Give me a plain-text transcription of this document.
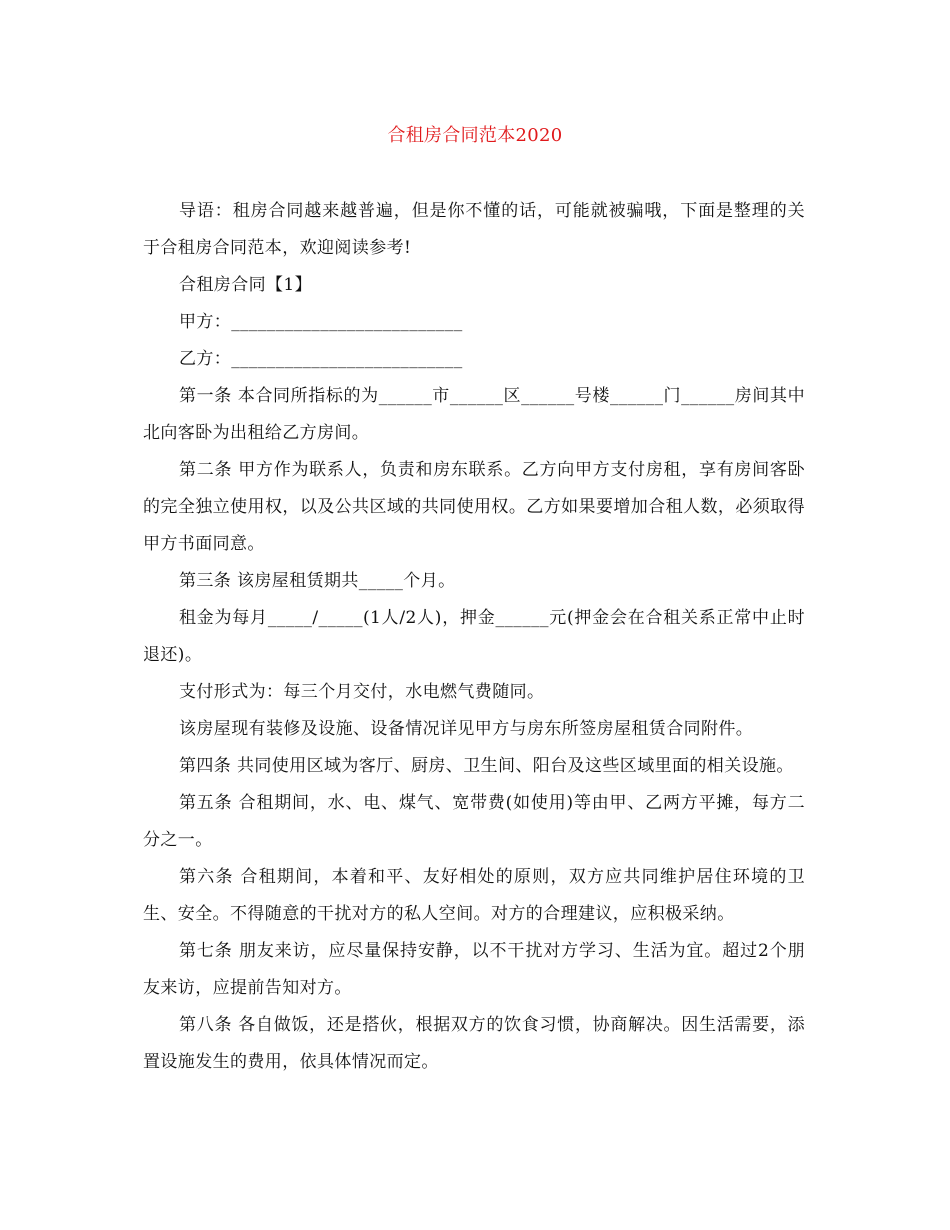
合租房合同范本2020

导语：租房合同越来越普遍，但是你不懂的话，可能就被骗哦，下面是整理的关于合租房合同范本，欢迎阅读参考!

合租房合同【1】

甲方：__________________________

乙方：__________________________

第一条 本合同所指标的为______市______区______号楼______门______房间其中北向客卧为出租给乙方房间。

第二条 甲方作为联系人，负责和房东联系。乙方向甲方支付房租，享有房间客卧的完全独立使用权，以及公共区域的共同使用权。乙方如果要增加合租人数，必须取得甲方书面同意。

第三条 该房屋租赁期共_____个月。

租金为每月_____/_____(1人/2人)，押金______元(押金会在合租关系正常中止时退还)。

支付形式为：每三个月交付，水电燃气费随同。

该房屋现有装修及设施、设备情况详见甲方与房东所签房屋租赁合同附件。

第四条 共同使用区域为客厅、厨房、卫生间、阳台及这些区域里面的相关设施。

第五条 合租期间，水、电、煤气、宽带费(如使用)等由甲、乙两方平摊，每方二分之一。

第六条 合租期间，本着和平、友好相处的原则，双方应共同维护居住环境的卫生、安全。不得随意的干扰对方的私人空间。对方的合理建议，应积极采纳。

第七条 朋友来访，应尽量保持安静，以不干扰对方学习、生活为宜。超过2个朋友来访，应提前告知对方。

第八条 各自做饭，还是搭伙，根据双方的饮食习惯，协商解决。因生活需要，添置设施发生的费用，依具体情况而定。
